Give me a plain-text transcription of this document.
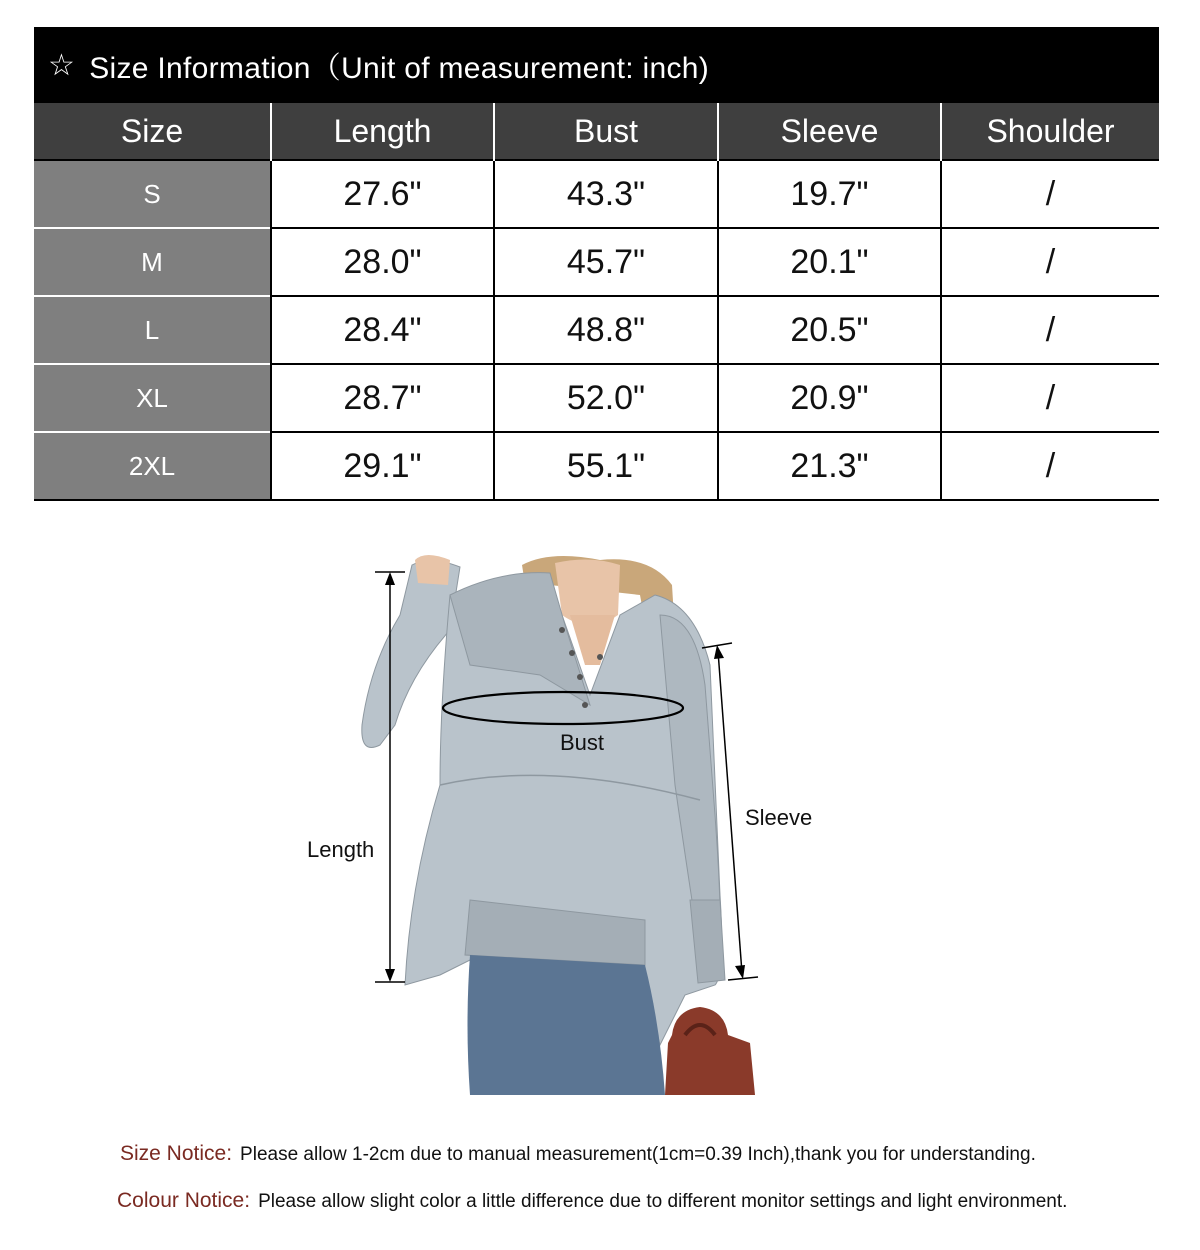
☆ Size Information（Unit of measurement: inch)
Size	Length	Bust	Sleeve	Shoulder
S	27.6"	43.3"	19.7"	/
M	28.0"	45.7"	20.1"	/
L	28.4"	48.8"	20.5"	/
XL	28.7"	52.0"	20.9"	/
2XL	29.1"	55.1"	21.3"	/
Bust
Length
Sleeve
Size Notice: Please allow 1-2cm due to manual measurement(1cm=0.39 Inch),thank you for understanding.
Colour Notice: Please allow slight color a little difference due to different monitor settings and light environment.
